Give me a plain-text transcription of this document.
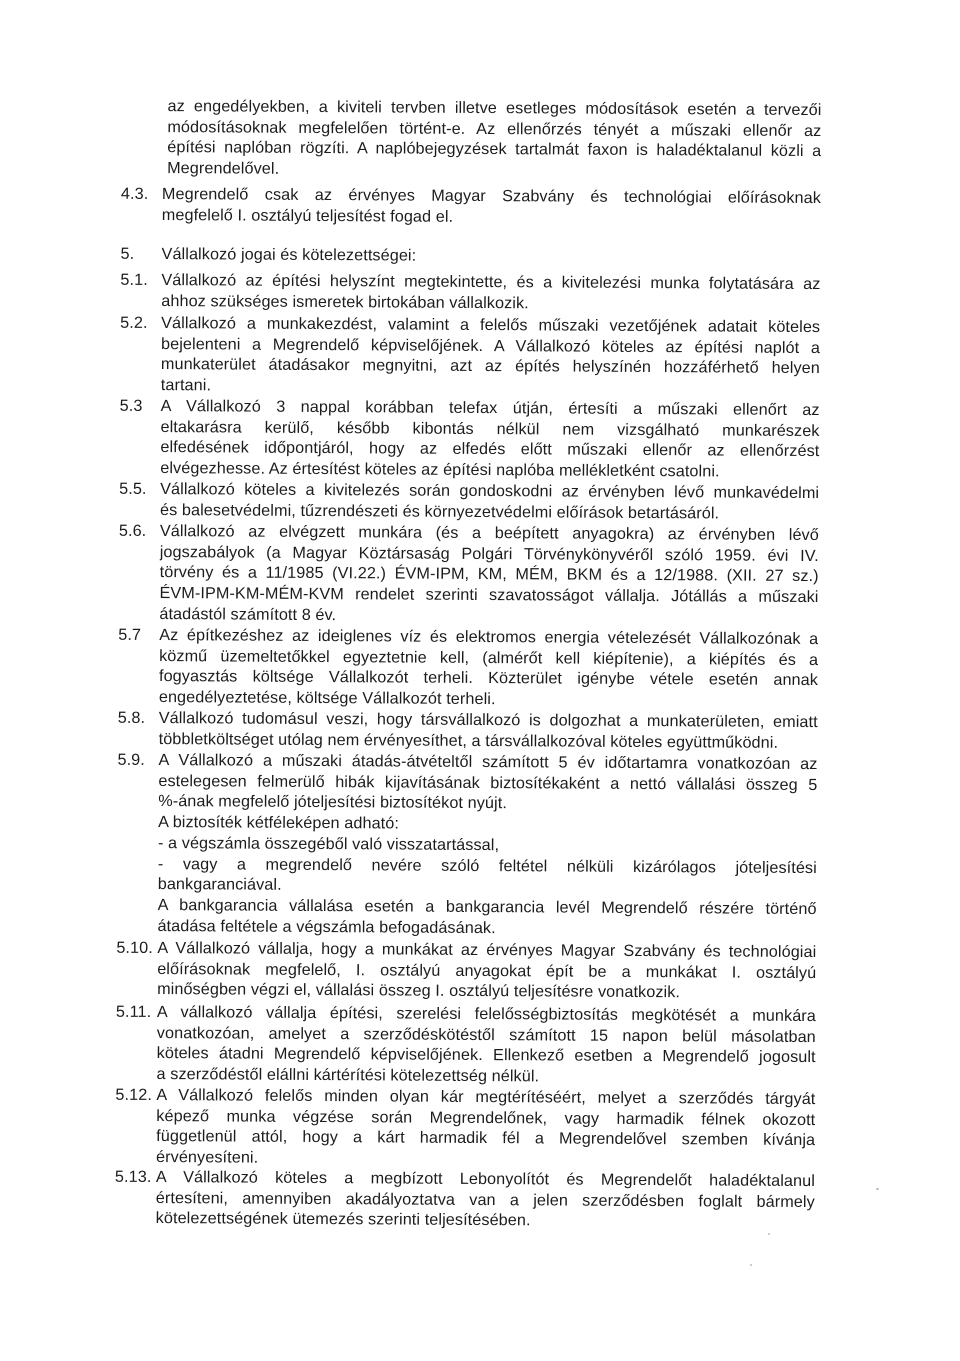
az engedélyekben, a kiviteli tervben illetve esetleges módosítások esetén a tervezői
módosításoknak megfelelően történt-e. Az ellenőrzés tényét a műszaki ellenőr az
építési naplóban rögzíti. A naplóbejegyzések tartalmát faxon is haladéktalanul közli a
Megrendelővel.
4.3. Megrendelő csak az érvényes Magyar Szabvány és technológiai előírásoknak
megfelelő I. osztályú teljesítést fogad el.
5.	Vállalkozó jogai és kötelezettségei:
5.1. Vállalkozó az építési helyszínt megtekintette, és a kivitelezési munka folytatására az
ahhoz szükséges ismeretek birtokában vállalkozik.
5.2. Vállalkozó a munkakezdést, valamint a felelős műszaki vezetőjének adatait köteles
bejelenteni a Megrendelő képviselőjének. A Vállalkozó köteles az építési naplót a
munkaterület átadásakor megnyitni, azt az építés helyszínén hozzáférhető helyen
tartani.
5.3	A Vállalkozó 3 nappal korábban telefax útján, értesíti a műszaki ellenőrt az
eltakarásra kerülő, később kibontás nélkül nem vizsgálható munkarészek
elfedésének időpontjáról, hogy az elfedés előtt műszaki ellenőr az ellenőrzést
elvégezhesse. Az értesítést köteles az építési naplóba mellékletként csatolni.
5.5. Vállalkozó köteles a kivitelezés során gondoskodni az érvényben lévő munkavédelmi
és balesetvédelmi, tűzrendészeti és környezetvédelmi előírások betartásáról.
5.6. Vállalkozó az elvégzett munkára (és a beépített anyagokra) az érvényben lévő
jogszabályok (a Magyar Köztársaság Polgári Törvénykönyvéről szóló 1959. évi IV.
törvény és a 11/1985 (VI.22.) ÉVM-IPM, KM, MÉM, BKM és a 12/1988. (XII. 27 sz.)
ÉVM-IPM-KM-MÉM-KVM rendelet szerinti szavatosságot vállalja. Jótállás a műszaki
átadástól számított 8 év.
5.7	Az építkezéshez az ideiglenes víz és elektromos energia vételezését Vállalkozónak a
közmű üzemeltetőkkel egyeztetnie kell, (almérőt kell kiépítenie), a kiépítés és a
fogyasztás költsége Vállalkozót terheli. Közterület igénybe vétele esetén annak
engedélyeztetése, költsége Vállalkozót terheli.
5.8. Vállalkozó tudomásul veszi, hogy társvállalkozó is dolgozhat a munkaterületen, emiatt
többletköltséget utólag nem érvényesíthet, a társvállalkozóval köteles együttműködni.
5.9. A Vállalkozó a műszaki átadás-átvételtől számított 5 év időtartamra vonatkozóan az
estelegesen felmerülő hibák kijavításának biztosítékaként a nettó vállalási összeg 5
%-ának megfelelő jóteljesítési biztosítékot nyújt.
A biztosíték kétféleképen adható:
- a végszámla összegéből való visszatartással,
- vagy a megrendelő nevére szóló feltétel nélküli kizárólagos jóteljesítési
bankgaranciával.
A bankgarancia vállalása esetén a bankgarancia levél Megrendelő részére történő
átadása feltétele a végszámla befogadásának.
5.10. A Vállalkozó vállalja, hogy a munkákat az érvényes Magyar Szabvány és technológiai
előírásoknak megfelelő, I. osztályú anyagokat épít be a munkákat I. osztályú
minőségben végzi el, vállalási összeg I. osztályú teljesítésre vonatkozik.
5.11. A vállalkozó vállalja építési, szerelési felelősségbiztosítás megkötését a munkára
vonatkozóan, amelyet a szerződéskötéstől számított 15 napon belül másolatban
köteles átadni Megrendelő képviselőjének. Ellenkező esetben a Megrendelő jogosult
a szerződéstől elállni kártérítési kötelezettség nélkül.
5.12. A Vállalkozó felelős minden olyan kár megtérítéséért, melyet a szerződés tárgyát
képező munka végzése során Megrendelőnek, vagy harmadik félnek okozott
függetlenül attól, hogy a kárt harmadik fél a Megrendelővel szemben kívánja
érvényesíteni.
5.13. A Vállalkozó köteles a megbízott Lebonyolítót és Megrendelőt haladéktalanul
értesíteni, amennyiben akadályoztatva van a jelen szerződésben foglalt bármely
kötelezettségének ütemezés szerinti teljesítésében.
